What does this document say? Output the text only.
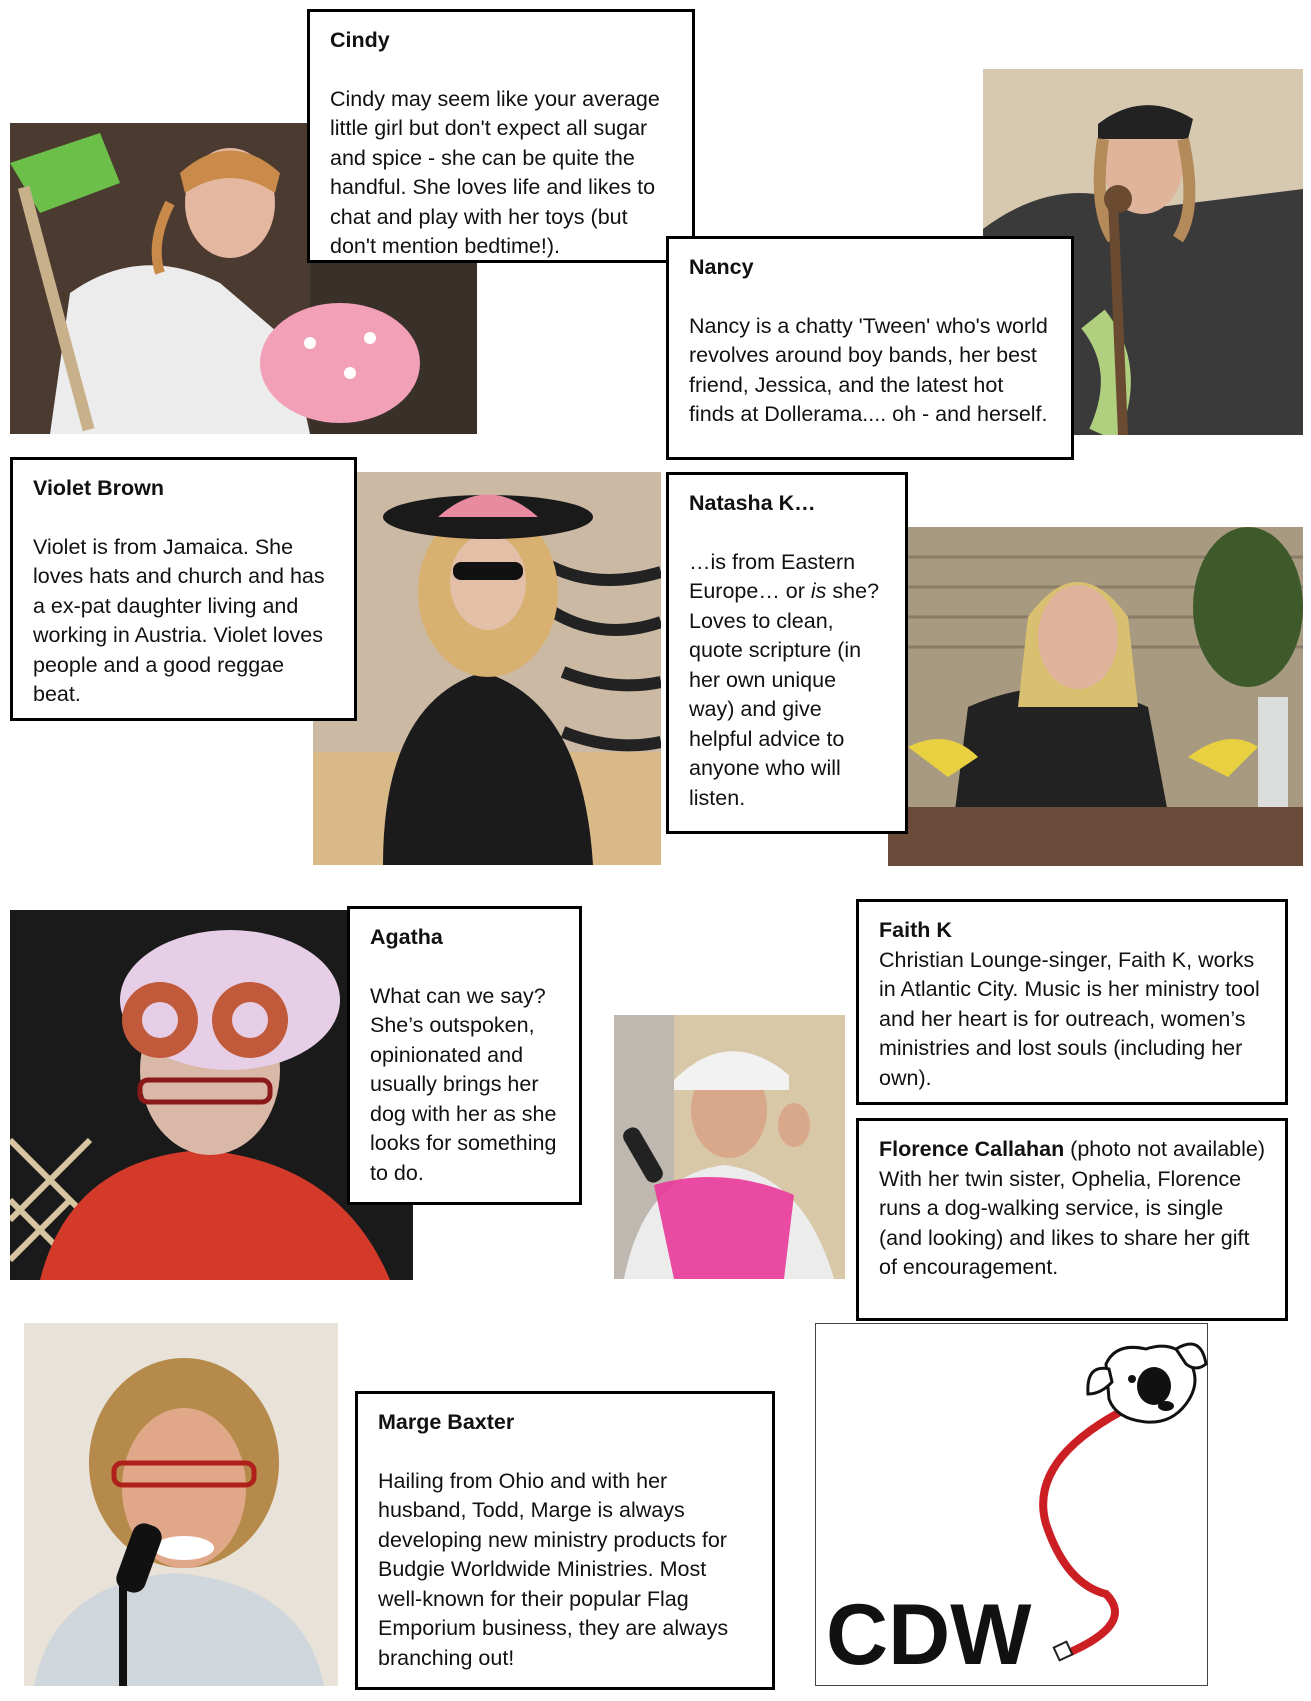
Cindy

Cindy may seem like your average little girl but don't expect all sugar and spice - she can be quite the handful. She loves life and likes to chat and play with her toys (but don't mention bedtime!).

Nancy

Nancy is a chatty 'Tween' who's world revolves around boy bands, her best friend, Jessica, and the latest hot finds at Dollerama.... oh - and herself.

Violet Brown

Violet is from Jamaica. She loves hats and church and has a ex-pat daughter living and working in Austria. Violet loves people and a good reggae beat.

Natasha K…

…is from Eastern Europe… or is she? Loves to clean, quote scripture (in her own unique way) and give helpful advice to anyone who will listen.

Agatha

What can we say? She’s outspoken, opinionated and usually brings her dog with her as she looks for something to do.

Faith K

Christian Lounge-singer, Faith K, works in Atlantic City. Music is her ministry tool and her heart is for outreach, women’s ministries and lost souls (including her own).

Florence Callahan (photo not available)

With her twin sister, Ophelia, Florence runs a dog-walking service, is single (and looking) and likes to share her gift of encouragement.

Marge Baxter

Hailing from Ohio and with her husband, Todd, Marge is always developing new ministry products for Budgie Worldwide Ministries. Most well-known for their popular Flag Emporium business, they are always branching out!	CDW
